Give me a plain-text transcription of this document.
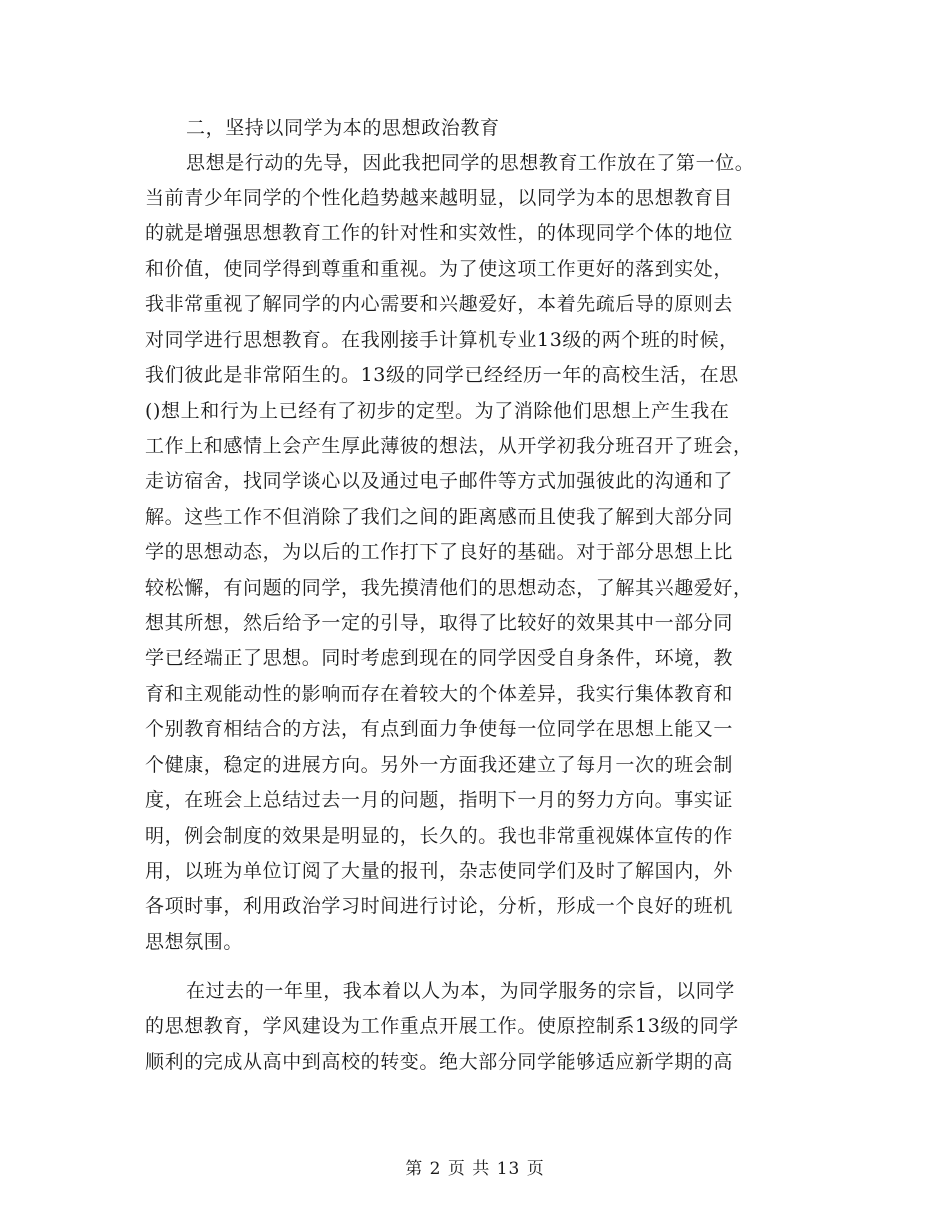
二，坚持以同学为本的思想政治教育
思想是行动的先导，因此我把同学的思想教育工作放在了第一位。
当前青少年同学的个性化趋势越来越明显，以同学为本的思想教育目
的就是增强思想教育工作的针对性和实效性，的体现同学个体的地位
和价值，使同学得到尊重和重视。为了使这项工作更好的落到实处，
我非常重视了解同学的内心需要和兴趣爱好，本着先疏后导的原则去
对同学进行思想教育。在我刚接手计算机专业13级的两个班的时候，
我们彼此是非常陌生的。13级的同学已经经历一年的高校生活，在思
()想上和行为上已经有了初步的定型。为了消除他们思想上产生我在
工作上和感情上会产生厚此薄彼的想法，从开学初我分班召开了班会，
走访宿舍，找同学谈心以及通过电子邮件等方式加强彼此的沟通和了
解。这些工作不但消除了我们之间的距离感而且使我了解到大部分同
学的思想动态，为以后的工作打下了良好的基础。对于部分思想上比
较松懈，有问题的同学，我先摸清他们的思想动态，了解其兴趣爱好，
想其所想，然后给予一定的引导，取得了比较好的效果其中一部分同
学已经端正了思想。同时考虑到现在的同学因受自身条件，环境，教
育和主观能动性的影响而存在着较大的个体差异，我实行集体教育和
个别教育相结合的方法，有点到面力争使每一位同学在思想上能又一
个健康，稳定的进展方向。另外一方面我还建立了每月一次的班会制
度，在班会上总结过去一月的问题，指明下一月的努力方向。事实证
明，例会制度的效果是明显的，长久的。我也非常重视媒体宣传的作
用，以班为单位订阅了大量的报刊，杂志使同学们及时了解国内，外
各项时事，利用政治学习时间进行讨论，分析，形成一个良好的班机
思想氛围。
在过去的一年里，我本着以人为本，为同学服务的宗旨，以同学
的思想教育，学风建设为工作重点开展工作。使原控制系13级的同学
顺利的完成从高中到高校的转变。绝大部分同学能够适应新学期的高
第 2 页 共 13 页
